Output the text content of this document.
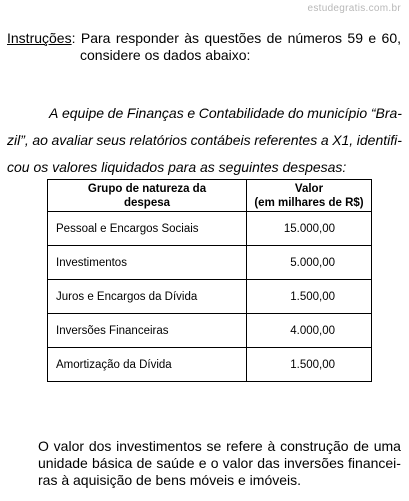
estudegratis.com.br
Instruções: Para responder às questões de números 59 e 60,
considere os dados abaixo:
A equipe de Finanças e Contabilidade do município “Bra-
zil”, ao avaliar seus relatórios contábeis referentes a X1, identifi-
cou os valores liquidados para as seguintes despesas:
Grupo de natureza da
despesa	Valor
(em milhares de R$)
Pessoal e Encargos Sociais	15.000,00
Investimentos	5.000,00
Juros e Encargos da Dívida	1.500,00
Inversões Financeiras	4.000,00
Amortização da Dívida	1.500,00
O valor dos investimentos se refere à construção de uma
unidade básica de saúde e o valor das inversões financei-
ras à aquisição de bens móveis e imóveis.
